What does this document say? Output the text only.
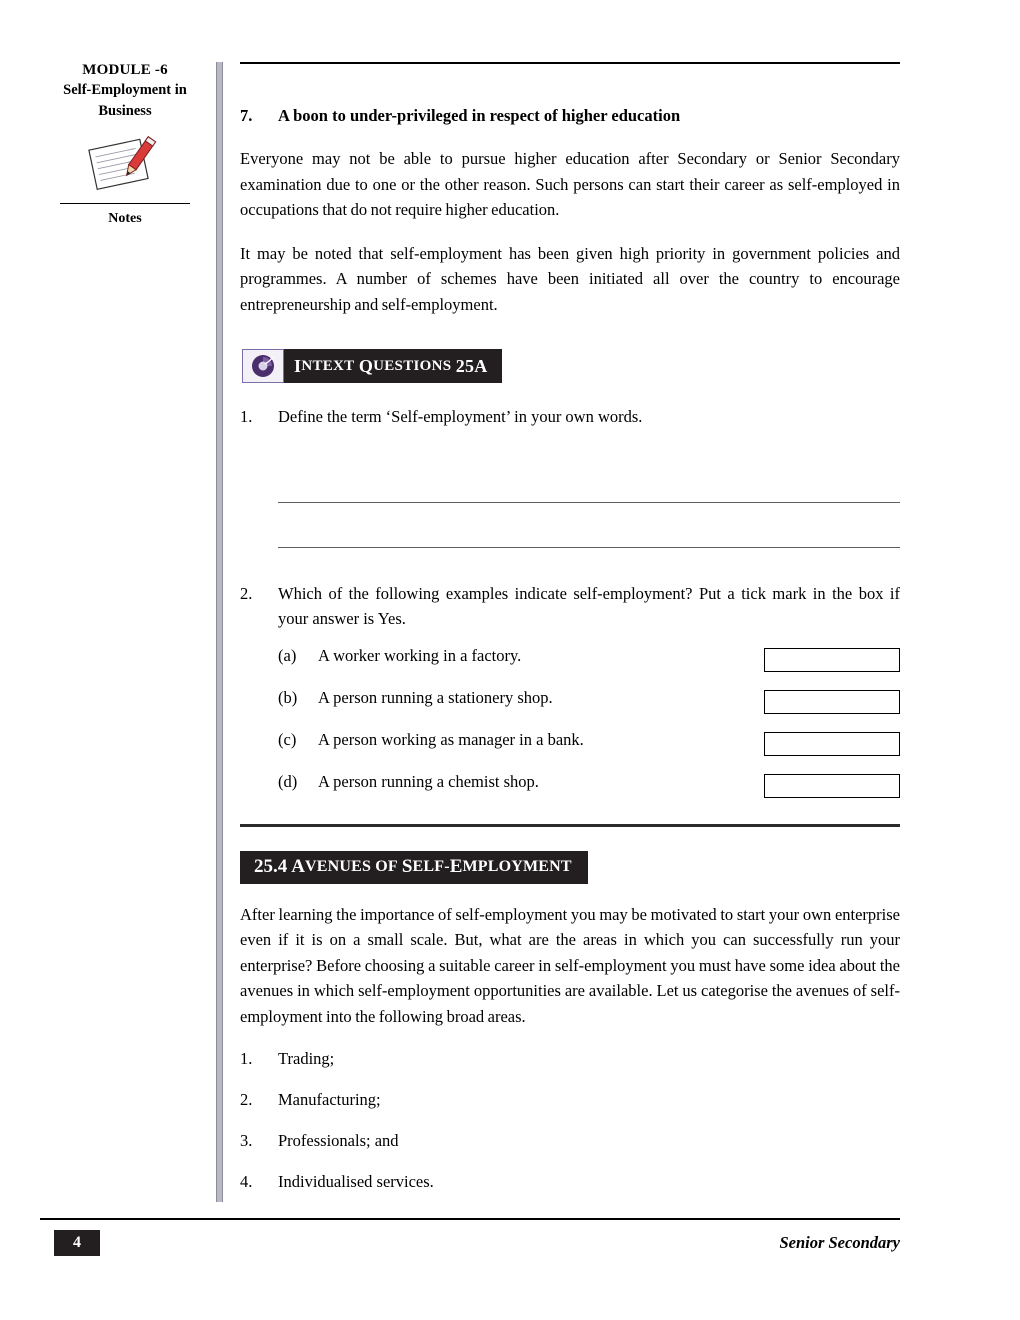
MODULE -6
Self-Employment in
Business
Notes
7.	A boon to under-privileged in respect of higher education

Everyone may not be able to pursue higher education after Secondary or Senior Secondary examination due to one or the other reason. Such persons can start their career as self-employed in occupations that do not require higher education.

It may be noted that self-employment has been given high priority in government policies and programmes. A number of schemes have been initiated all over the country to encourage entrepreneurship and self-employment.

I NTEXT
Q UESTIONS
25A
1.	Define the term ‘Self-employment’ in your own words.
2.	Which of the following examples indicate self-employment? Put a tick mark in the box if your answer is Yes.
(a)	A worker working in a factory.
(b)	A person running a stationery shop.
(c)	A person working as manager in a bank.
(d)	A person running a chemist shop.
25.4
A VENUES OF
S ELF- E MPLOYMENT

After learning the importance of self-employment you may be motivated to start your own enterprise even if it is on a small scale. But, what are the areas in which you can successfully run your enterprise? Before choosing a suitable career in self-employment you must have some idea about the avenues in which self-employment opportunities are available. Let us categorise the avenues of self-employment into the following broad areas.

1.	Trading;
2.	Manufacturing;
3.	Professionals; and
4.	Individualised services.
4	Senior Secondary
